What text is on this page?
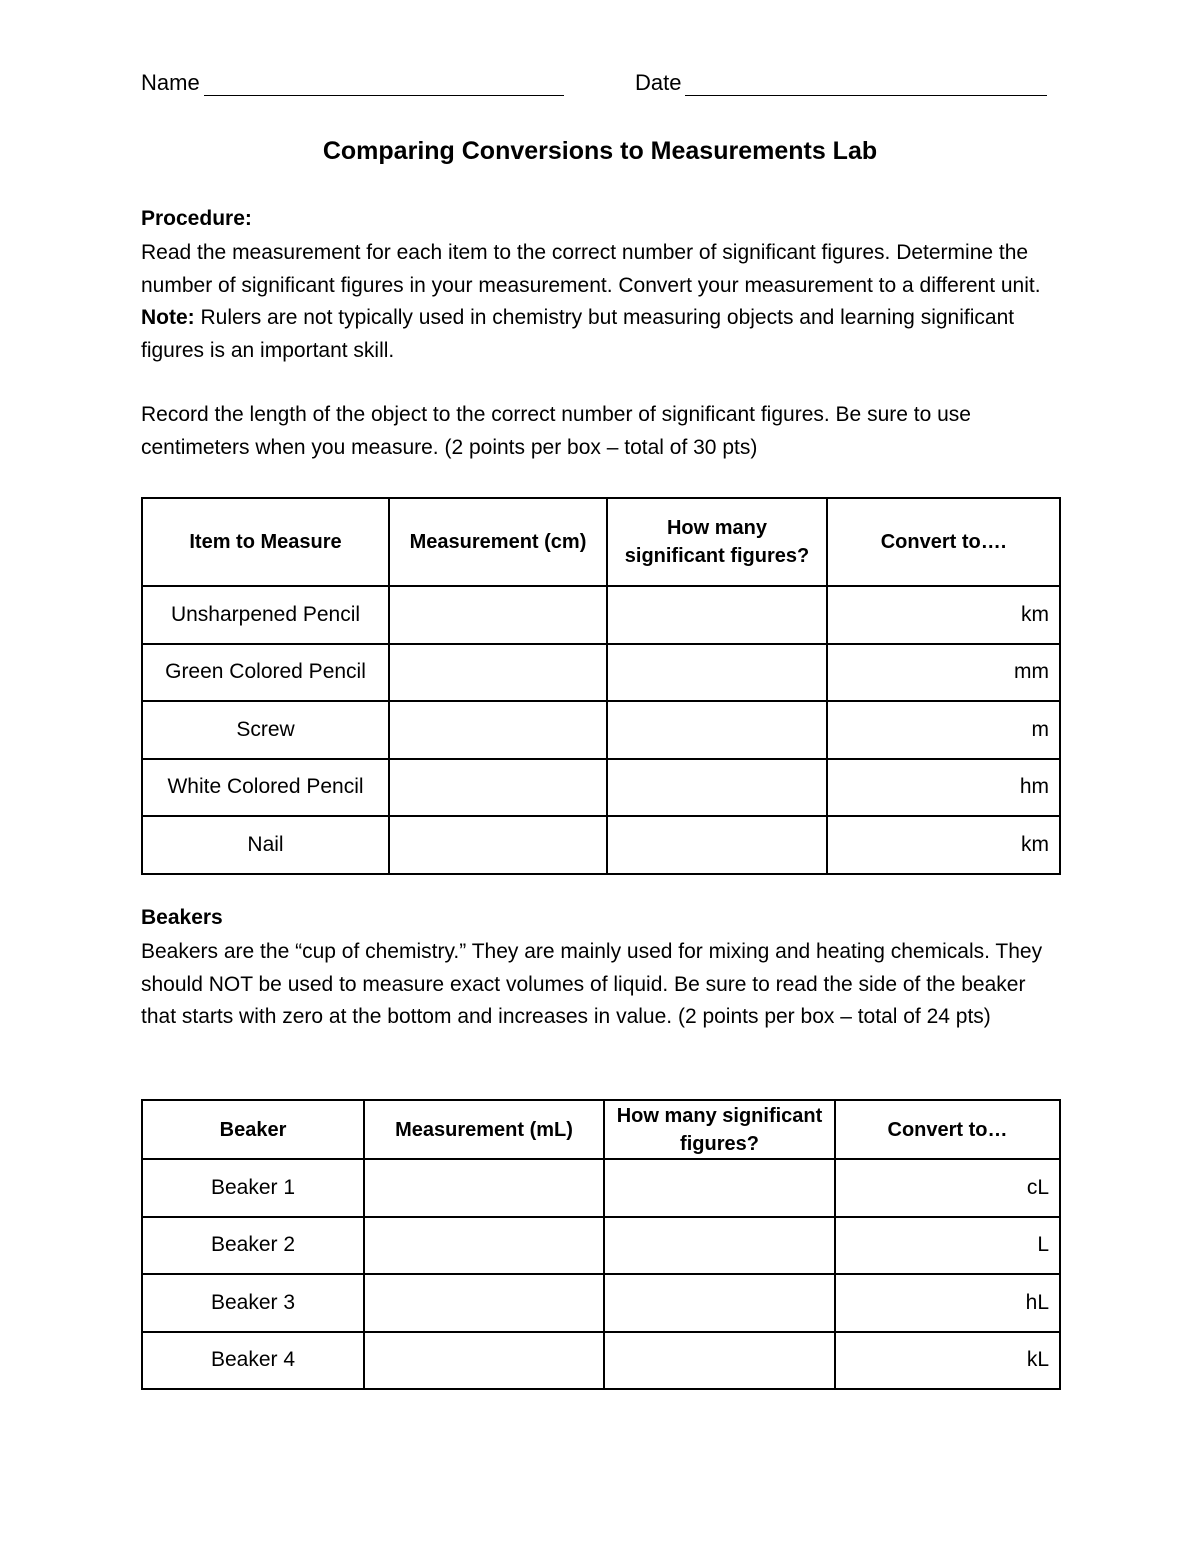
Name	Date
Comparing Conversions to Measurements Lab
Procedure:
Read the measurement for each item to the correct number of significant figures. Determine the number of significant figures in your measurement. Convert your measurement to a different unit. Note: Rulers are not typically used in chemistry but measuring objects and learning significant figures is an important skill.
Record the length of the object to the correct number of significant figures. Be sure to use centimeters when you measure. (2 points per box – total of 30 pts)
Item to Measure	Measurement (cm)	How many significant figures?	Convert to….
Unsharpened Pencil			km
Green Colored Pencil			mm
Screw			m
White Colored Pencil			hm
Nail			km
Beakers
Beakers are the “cup of chemistry.” They are mainly used for mixing and heating chemicals. They should NOT be used to measure exact volumes of liquid. Be sure to read the side of the beaker that starts with zero at the bottom and increases in value. (2 points per box – total of 24 pts)
Beaker	Measurement (mL)	How many significant figures?	Convert to…
Beaker 1			cL
Beaker 2			L
Beaker 3			hL
Beaker 4			kL
